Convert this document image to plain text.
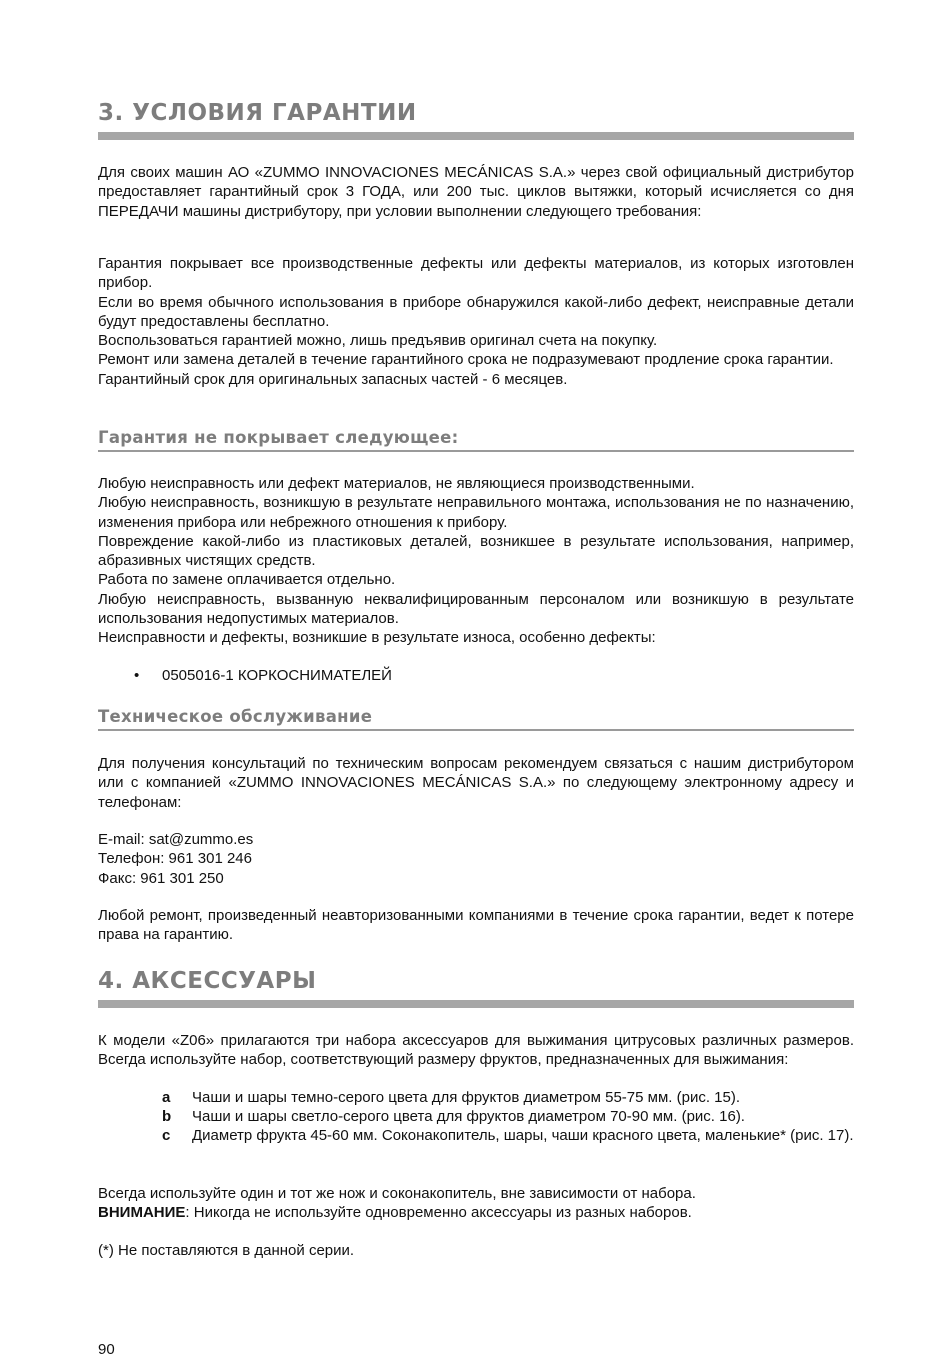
3. УСЛОВИЯ ГАРАНТИИ

Для своих машин АО «ZUMMO INNOVACIONES MECÁNICAS S.A.» через свой официальный дистрибутор предоставляет гарантийный срок 3 ГОДА, или 200 тыс. циклов вытяжки, который исчисляется со дня ПЕРЕДАЧИ машины дистрибутору, при условии выполнении следующего требования:

Гарантия покрывает все производственные дефекты или дефекты материалов, из которых изготовлен прибор.
Если во время обычного использования в приборе обнаружился какой-либо дефект, неисправные детали будут предоставлены бесплатно.
Воспользоваться гарантией можно, лишь предъявив оригинал счета на покупку.
Ремонт или замена деталей в течение гарантийного срока не подразумевают продление срока гарантии.
Гарантийный срок для оригинальных запасных частей - 6 месяцев.

Гарантия не покрывает следующее:

Любую неисправность или дефект материалов, не являющиеся производственными.
Любую неисправность, возникшую в результате неправильного монтажа, использования не по назначению, изменения прибора или небрежного отношения к прибору.
Повреждение какой-либо из пластиковых деталей, возникшее в результате использования, например, абразивных чистящих средств.
Работа по замене оплачивается отдельно.
Любую неисправность, вызванную неквалифицированным персоналом или возникшую в результате использования недопустимых материалов.
Неисправности и дефекты, возникшие в результате износа, особенно дефекты:

• 0505016-1 КОРКОСНИМАТЕЛЕЙ
Техническое обслуживание

Для получения консультаций по техническим вопросам рекомендуем связаться с нашим дистрибутором или с компанией «ZUMMO INNOVACIONES MECÁNICAS S.A.» по следующему электронному адресу и телефонам:

E-mail: sat@zummo.es
Телефон: 961 301 246
Факс: 961 301 250

Любой ремонт, произведенный неавторизованными компаниями в течение срока гарантии, ведет к потере права на гарантию.

4. АКСЕССУАРЫ

К модели «Z06» прилагаются три набора аксессуаров для выжимания цитрусовых различных размеров. Всегда используйте набор, соответствующий размеру фруктов, предназначенных для выжимания:

a Чаши и шары темно-серого цвета для фруктов диаметром 55-75 мм. (рис. 15).
b Чаши и шары светло-серого цвета для фруктов диаметром 70-90 мм. (рис. 16).
c Диаметр фрукта 45-60 мм. Соконакопитель, шары, чаши красного цвета, маленькие* (рис. 17).

Всегда используйте один и тот же нож и соконакопитель, вне зависимости от набора.
ВНИМАНИЕ: Никогда не используйте одновременно аксессуары из разных наборов.

(*) Не поставляются в данной серии.

90
